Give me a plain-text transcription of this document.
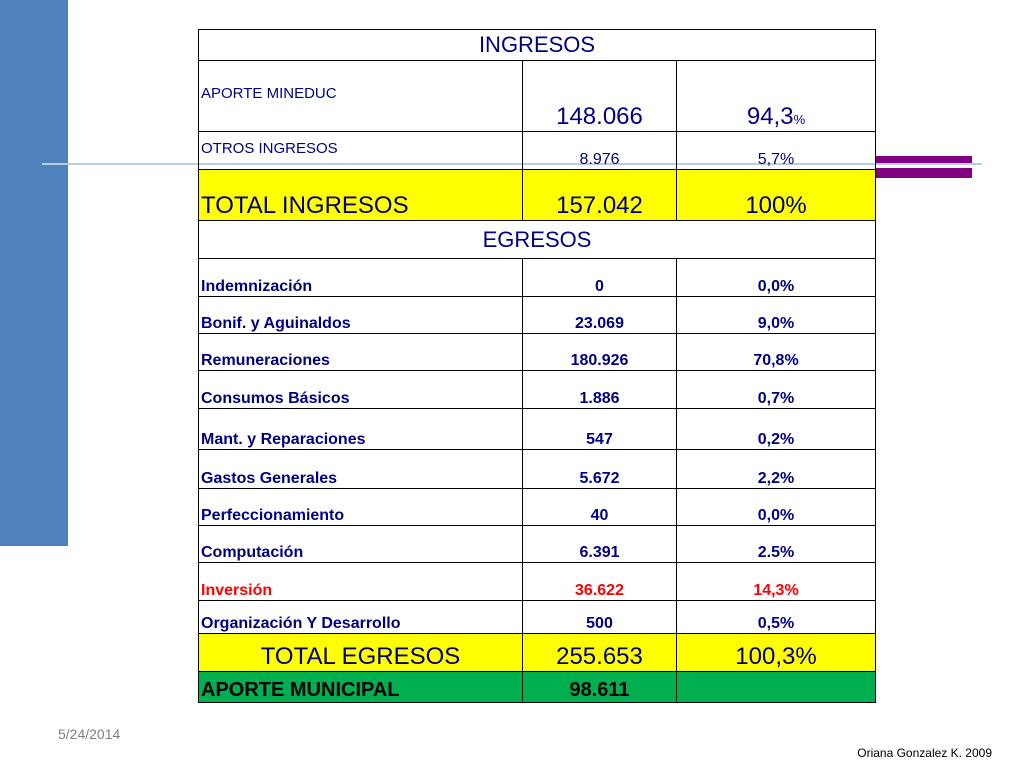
INGRESOS		
APORTE MINEDUC	148.066	94,3%
OTROS INGRESOS	8.976	5,7%
TOTAL INGRESOS	157.042	100%
EGRESOS		
Indemnización	0	0,0%
Bonif. y Aguinaldos	23.069	9,0%
Remuneraciones	180.926	70,8%
Consumos Básicos	1.886	0,7%
Mant. y Reparaciones	547	0,2%
Gastos Generales	5.672	2,2%
Perfeccionamiento	40	0,0%
Computación	6.391	2.5%
Inversión	36.622	14,3%
Organización Y Desarrollo	500	0,5%
TOTAL EGRESOS	255.653	100,3%
APORTE MUNICIPAL	98.611	
5/24/2014
Oriana Gonzalez K. 2009
